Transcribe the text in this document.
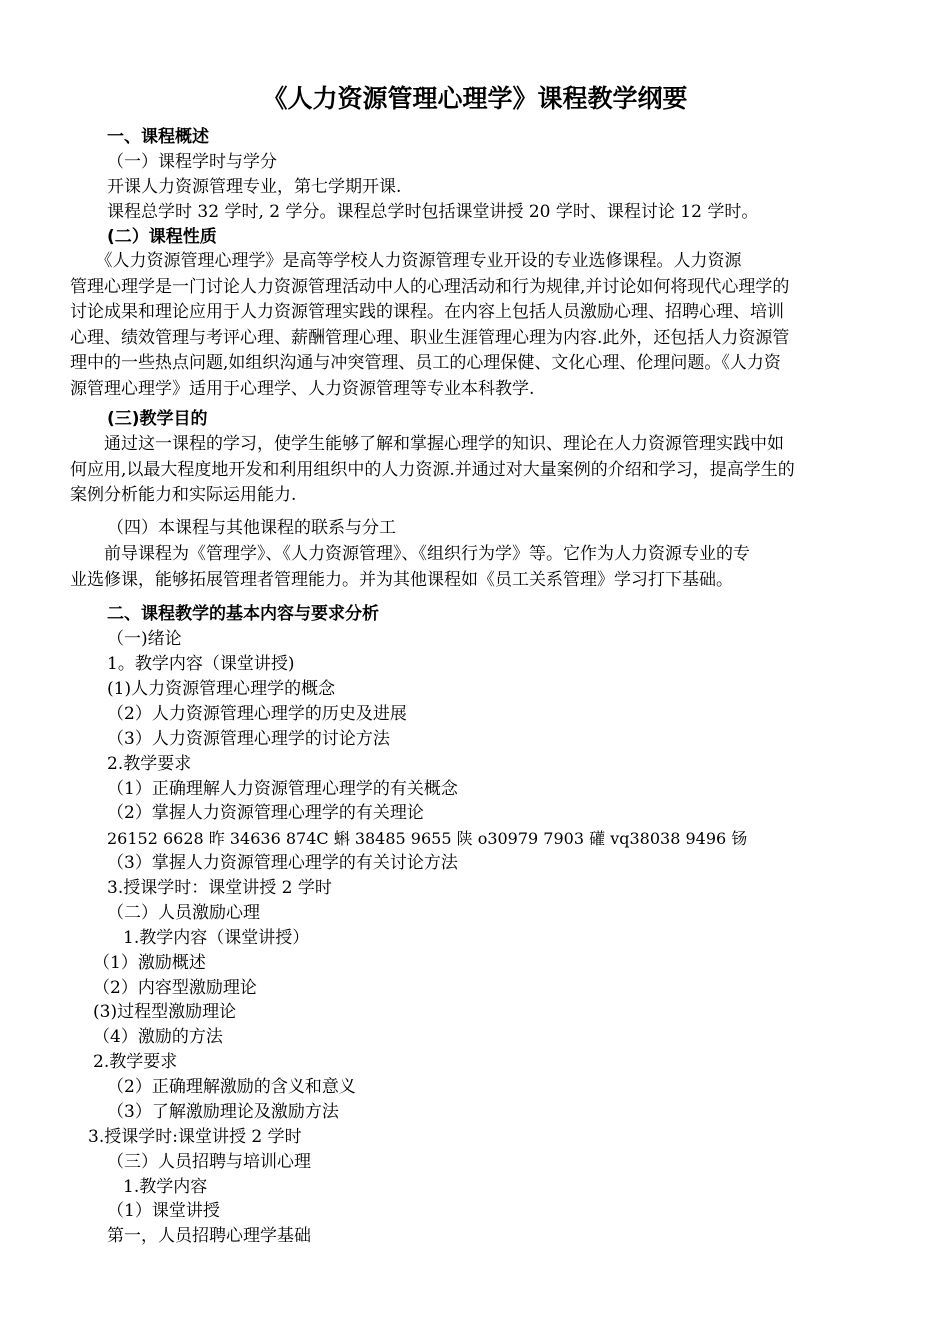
《人力资源管理心理学》课程教学纲要
一、课程概述
（一）课程学时与学分
开课人力资源管理专业，第七学期开课.
课程总学时 32 学时, 2 学分。课程总学时包括课堂讲授 20 学时、课程讨论 12 学时。
(二）课程性质
　　《人力资源管理心理学》是高等学校人力资源管理专业开设的专业选修课程。人力资源
管理心理学是一门讨论人力资源管理活动中人的心理活动和行为规律,并讨论如何将现代心理学的
讨论成果和理论应用于人力资源管理实践的课程。在内容上包括人员激励心理、招聘心理、培训
心理、绩效管理与考评心理、薪酬管理心理、职业生涯管理心理为内容.此外，还包括人力资源管
理中的一些热点问题,如组织沟通与冲突管理、员工的心理保健、文化心理、伦理问题。《人力资
源管理心理学》适用于心理学、人力资源管理等专业本科教学.
(三)教学目的
　　通过这一课程的学习，使学生能够了解和掌握心理学的知识、理论在人力资源管理实践中如
何应用,以最大程度地开发和利用组织中的人力资源.并通过对大量案例的介绍和学习，提高学生的
案例分析能力和实际运用能力.
（四）本课程与其他课程的联系与分工
　　前导课程为《管理学》、《人力资源管理》、《组织行为学》等。它作为人力资源专业的专
业选修课，能够拓展管理者管理能力。并为其他课程如《员工关系管理》学习打下基础。
二、课程教学的基本内容与要求分析
（一)绪论
1。教学内容（课堂讲授)
(1)人力资源管理心理学的概念
（2）人力资源管理心理学的历史及进展
（3）人力资源管理心理学的讨论方法
2.教学要求
（1）正确理解人力资源管理心理学的有关概念
（2）掌握人力资源管理心理学的有关理论
26152 6628 昨 34636 874C 蝌 38485 9655 陕 o30979 7903 礶 vq38038 9496 钖
（3）掌握人力资源管理心理学的有关讨论方法
3.授课学时：课堂讲授 2 学时
（二）人员激励心理
1.教学内容（课堂讲授）
（1）激励概述
（2）内容型激励理论
(3)过程型激励理论
（4）激励的方法
2.教学要求
（2）正确理解激励的含义和意义
（3）了解激励理论及激励方法
3.授课学时:课堂讲授 2 学时
（三）人员招聘与培训心理
1.教学内容
（1）课堂讲授
第一，人员招聘心理学基础
